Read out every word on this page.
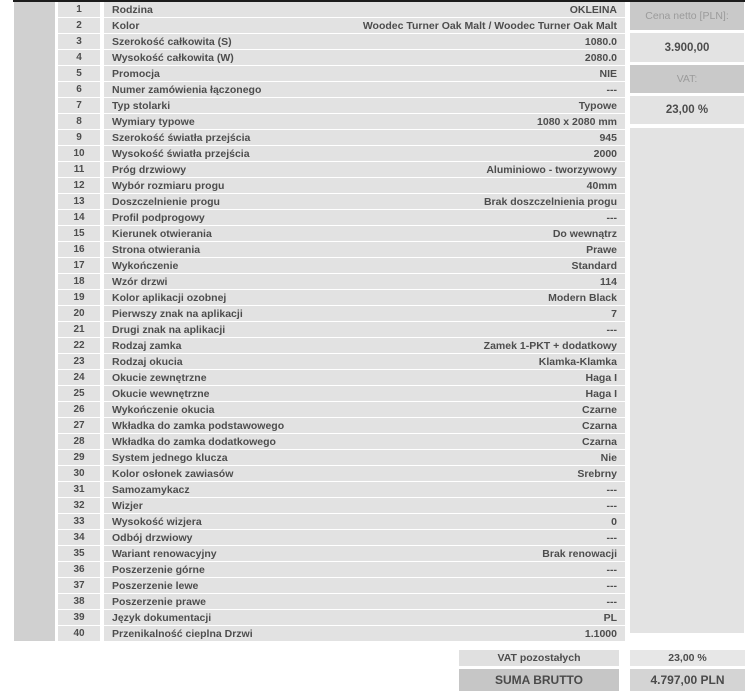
1	Rodzina	OKLEINA
2	Kolor	Woodec Turner Oak Malt / Woodec Turner Oak Malt
3	Szerokość całkowita (S)	1080.0
4	Wysokość całkowita (W)	2080.0
5	Promocja	NIE
6	Numer zamówienia łączonego	---
7	Typ stolarki	Typowe
8	Wymiary typowe	1080 x 2080 mm
9	Szerokość światła przejścia	945
10	Wysokość światła przejścia	2000
11	Próg drzwiowy	Aluminiowo - tworzywowy
12	Wybór rozmiaru progu	40mm
13	Doszczelnienie progu	Brak doszczelnienia progu
14	Profil podprogowy	---
15	Kierunek otwierania	Do wewnątrz
16	Strona otwierania	Prawe
17	Wykończenie	Standard
18	Wzór drzwi	114
19	Kolor aplikacji ozobnej	Modern Black
20	Pierwszy znak na aplikacji	7
21	Drugi znak na aplikacji	---
22	Rodzaj zamka	Zamek 1-PKT + dodatkowy
23	Rodzaj okucia	Klamka-Klamka
24	Okucie zewnętrzne	Haga I
25	Okucie wewnętrzne	Haga I
26	Wykończenie okucia	Czarne
27	Wkładka do zamka podstawowego	Czarna
28	Wkładka do zamka dodatkowego	Czarna
29	System jednego klucza	Nie
30	Kolor osłonek zawiasów	Srebrny
31	Samozamykacz	---
32	Wizjer	---
33	Wysokość wizjera	0
34	Odbój drzwiowy	---
35	Wariant renowacyjny	Brak renowacji
36	Poszerzenie górne	---
37	Poszerzenie lewe	---
38	Poszerzenie prawe	---
39	Język dokumentacji	PL
40	Przenikalność cieplna Drzwi	1.1000
Cena netto [PLN]:
3.900,00
VAT:
23,00 %
VAT pozostałych	23,00 %
SUMA BRUTTO	4.797,00 PLN
